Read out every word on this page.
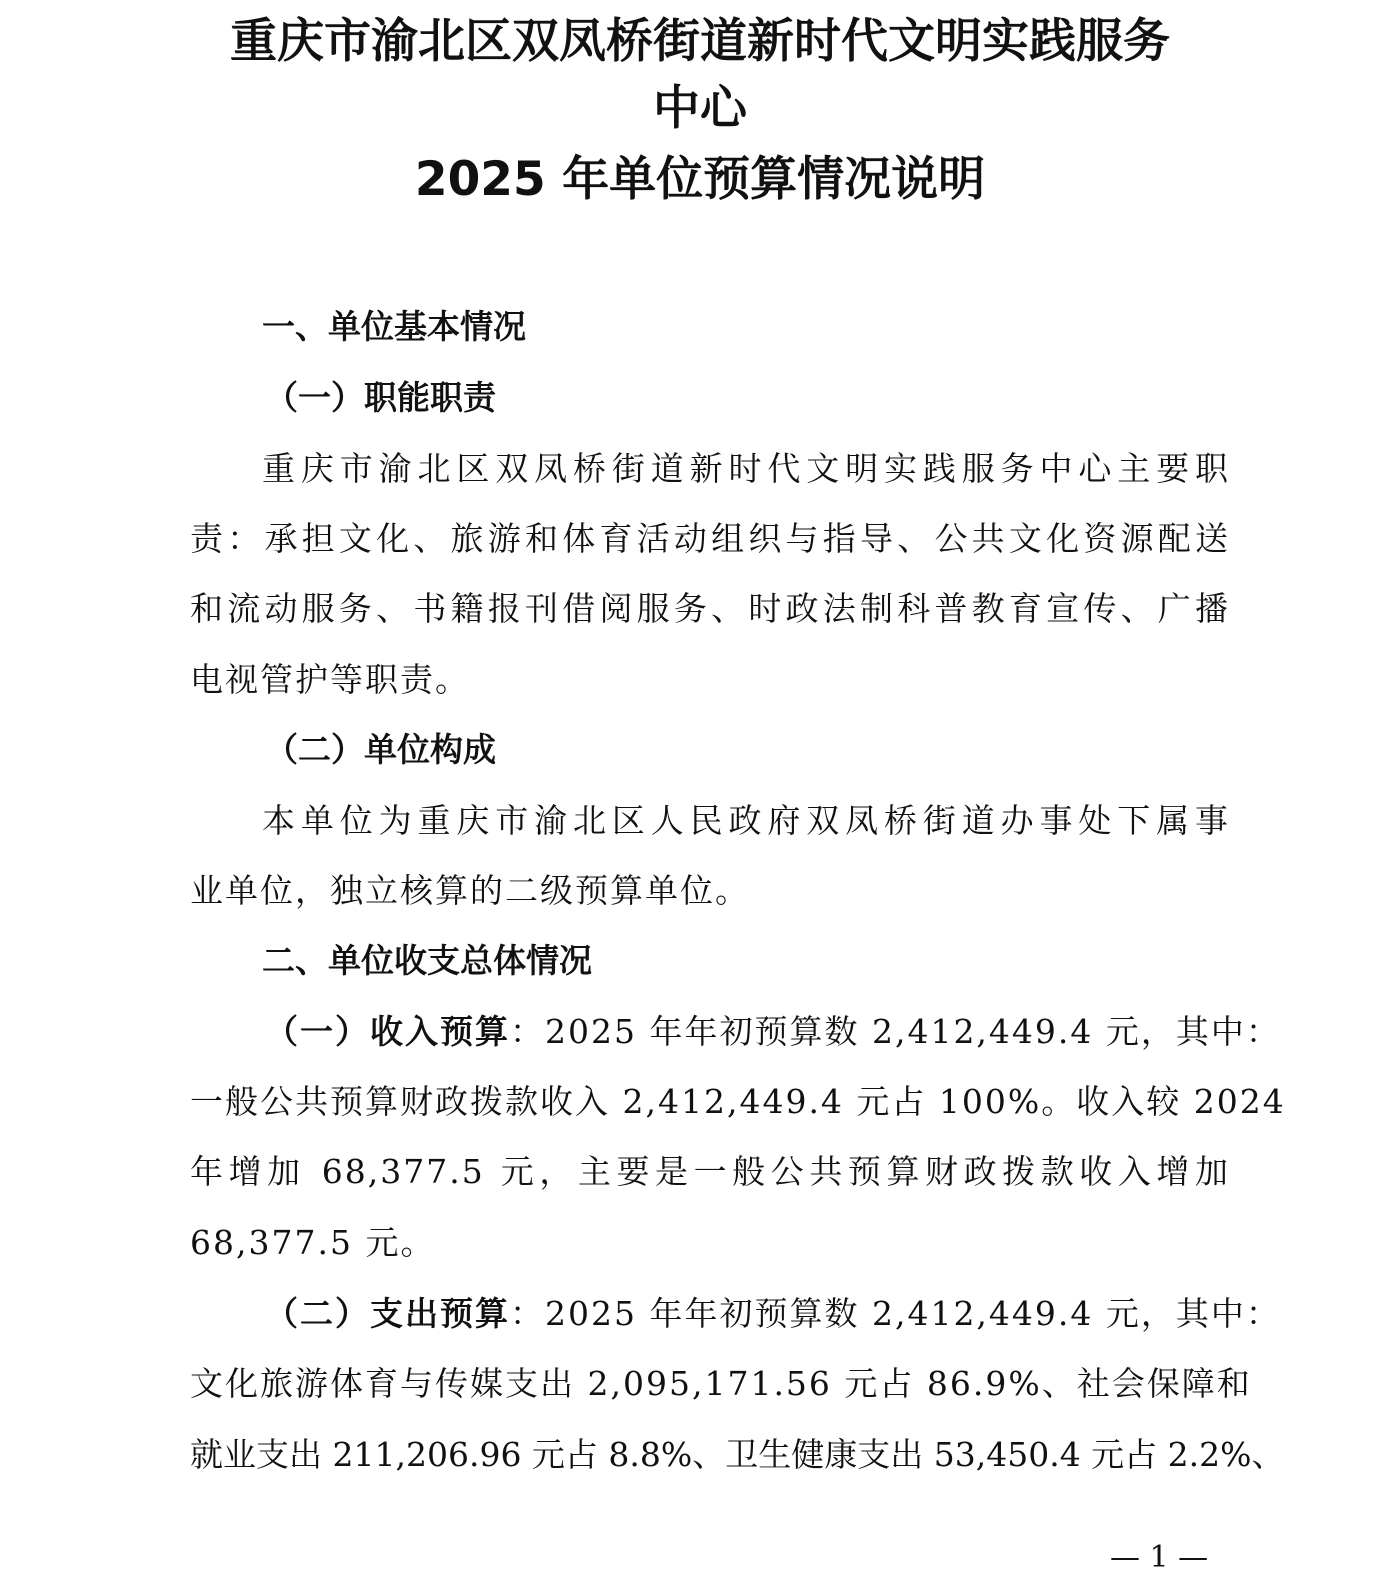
重庆市渝北区双凤桥街道新时代文明实践服务
中心
2025 年单位预算情况说明
一、单位基本情况
（一）职能职责

重庆市渝北区双凤桥街道新时代文明实践服务中心主要职

责：承担文化、旅游和体育活动组织与指导、公共文化资源配送

和流动服务、书籍报刊借阅服务、时政法制科普教育宣传、广播

电视管护等职责。

（二）单位构成

本单位为重庆市渝北区人民政府双凤桥街道办事处下属事

业单位，独立核算的二级预算单位。

二、单位收支总体情况

（一）收入预算：2025 年年初预算数 2,412,449.4 元，其中：

一般公共预算财政拨款收入 2,412,449.4 元占 100%。收入较 2024

年增加 68,377.5 元，主要是一般公共预算财政拨款收入增加

68,377.5 元。

（二）支出预算：2025 年年初预算数 2,412,449.4 元，其中：

文化旅游体育与传媒支出 2,095,171.56 元占 86.9%、社会保障和

就业支出 211,206.96 元占 8.8%、卫生健康支出 53,450.4 元占 2.2%、

— 1 —
